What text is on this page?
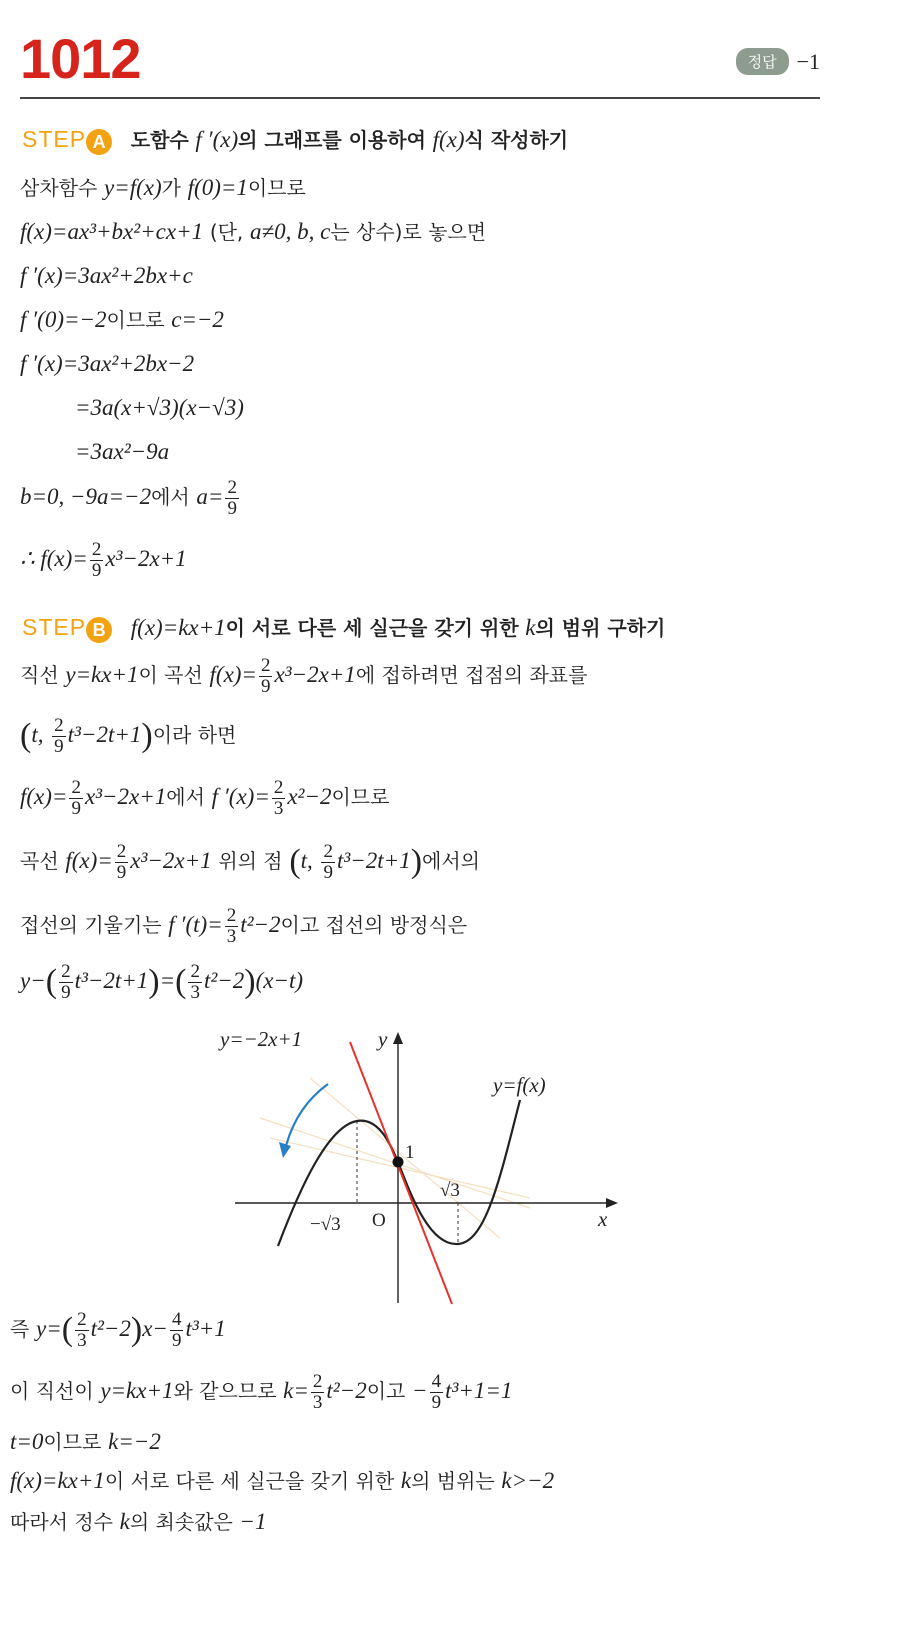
1012	정답 −1
STEP A 도함수 f ′(x)의 그래프를 이용하여 f(x)식 작성하기
삼차함수 y=f(x)가 f(0)=1이므로
f(x)=ax³+bx²+cx+1 (단, a≠0, b, c는 상수)로 놓으면
f ′(x)=3ax²+2bx+c
f ′(0)=−2이므로 c=−2
f ′(x)=3ax²+2bx−2
=3a(x+√3)(x−√3)
=3ax²−9a
b=0, −9a=−2에서 $a= \frac{2}{9}$
∴ $f(x)= \frac{2}{9} x^3-2x+1$
STEP B f(x)=kx+1이 서로 다른 세 실근을 갖기 위한 k의 범위 구하기
직선 y=kx+1이 곡선 $f(x)= \frac{2}{9} x^3-2x+1$에 접하려면 접점의 좌표를
(t, $\frac{2}{9} t^3-2t+1$)이라 하면
$f(x)= \frac{2}{9} x^3-2x+1$에서 f $'(x)= \frac{2}{3} x^2-2$이므로
곡선 $f(x)= \frac{2}{9} x^3-2x+1$ 위의 점 (t, $\frac{2}{9} t^3-2t+1$)에서의
접선의 기울기는 f $'(t)= \frac{2}{3} t^2-2$이고 접선의 방정식은
$y-( \frac{2}{9} t^3-2t+1)=( \frac{2}{3} t^2-2)(x-t)$
y=−2x+1	y
y=f(x)
1
√3
−√3 O	x
즉 $y=( \frac{2}{3} t^2-2)x- \frac{4}{9} t^3+1$
이 직선이 y=kx+1와 같으므로 $k= \frac{2}{3} t^2-2$이고 − $\frac{4}{9} t^3+1=1$
t=0이므로 k=−2
f(x)=kx+1이 서로 다른 세 실근을 갖기 위한 k의 범위는 k>−2
따라서 정수 k의 최솟값은 −1
